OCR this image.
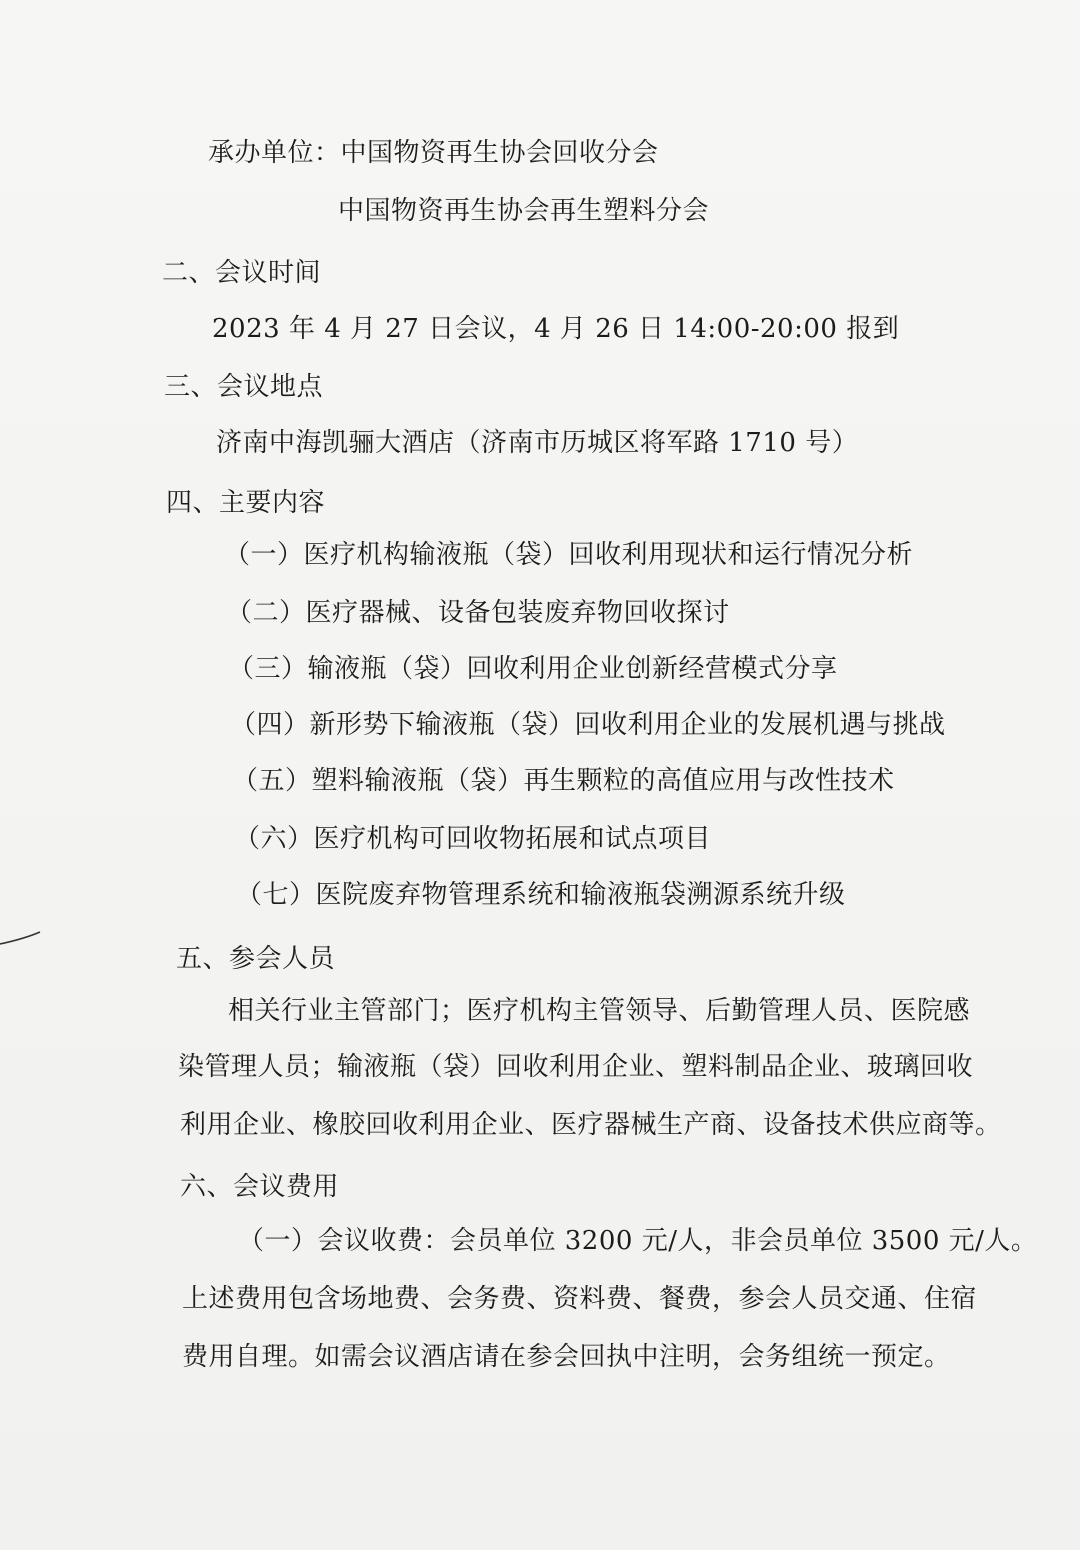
承办单位：中国物资再生协会回收分会
中国物资再生协会再生塑料分会
二、会议时间
2023 年 4 月 27 日会议，4 月 26 日 14:00-20:00 报到
三、会议地点
济南中海凯骊大酒店（济南市历城区将军路 1710 号）
四、主要内容
（一）医疗机构输液瓶（袋）回收利用现状和运行情况分析
（二）医疗器械、设备包装废弃物回收探讨
（三）输液瓶（袋）回收利用企业创新经营模式分享
（四）新形势下输液瓶（袋）回收利用企业的发展机遇与挑战
（五）塑料输液瓶（袋）再生颗粒的高值应用与改性技术
（六）医疗机构可回收物拓展和试点项目
（七）医院废弃物管理系统和输液瓶袋溯源系统升级
五、参会人员
相关行业主管部门；医疗机构主管领导、后勤管理人员、医院感
染管理人员；输液瓶（袋）回收利用企业、塑料制品企业、玻璃回收
利用企业、橡胶回收利用企业、医疗器械生产商、设备技术供应商等。
六、会议费用
（一）会议收费：会员单位 3200 元/人，非会员单位 3500 元/人。
上述费用包含场地费、会务费、资料费、餐费，参会人员交通、住宿
费用自理。如需会议酒店请在参会回执中注明，会务组统一预定。
